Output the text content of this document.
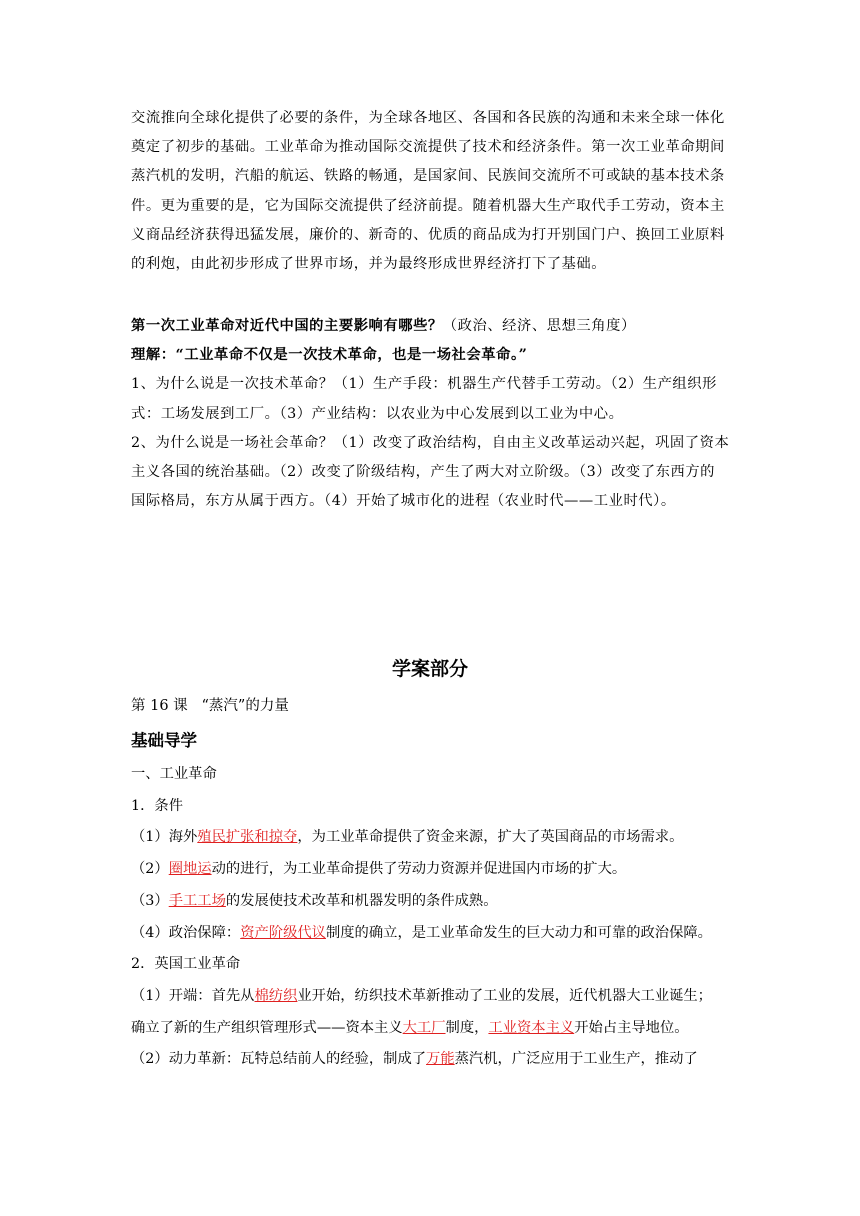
交流推向全球化提供了必要的条件，为全球各地区、各国和各民族的沟通和未来全球一体化
奠定了初步的基础。工业革命为推动国际交流提供了技术和经济条件。第一次工业革命期间
蒸汽机的发明，汽船的航运、铁路的畅通，是国家间、民族间交流所不可或缺的基本技术条
件。更为重要的是，它为国际交流提供了经济前提。随着机器大生产取代手工劳动，资本主
义商品经济获得迅猛发展，廉价的、新奇的、优质的商品成为打开别国门户、换回工业原料
的利炮，由此初步形成了世界市场，并为最终形成世界经济打下了基础。
第一次工业革命对近代中国的主要影响有哪些？（政治、经济、思想三角度）
理解：“工业革命不仅是一次技术革命，也是一场社会革命。”
1、为什么说是一次技术革命？（1）生产手段：机器生产代替手工劳动。（2）生产组织形
式：工场发展到工厂。（3）产业结构：以农业为中心发展到以工业为中心。
2、为什么说是一场社会革命？（1）改变了政治结构，自由主义改革运动兴起，巩固了资本
主义各国的统治基础。（2）改变了阶级结构，产生了两大对立阶级。（3）改变了东西方的
国际格局，东方从属于西方。（4）开始了城市化的进程（农业时代——工业时代）。
学案部分
第 16 课   “蒸汽”的力量
基础导学
一、工业革命
1．条件
（1）海外殖民扩张和掠夺，为工业革命提供了资金来源，扩大了英国商品的市场需求。
（2）圈地运动的进行，为工业革命提供了劳动力资源并促进国内市场的扩大。
（3）手工工场的发展使技术改革和机器发明的条件成熟。
（4）政治保障：资产阶级代议制度的确立，是工业革命发生的巨大动力和可靠的政治保障。
2．英国工业革命
（1）开端：首先从棉纺织业开始，纺织技术革新推动了工业的发展，近代机器大工业诞生；
确立了新的生产组织管理形式——资本主义大工厂制度，工业资本主义开始占主导地位。
（2）动力革新：瓦特总结前人的经验，制成了万能蒸汽机，广泛应用于工业生产，推动了
